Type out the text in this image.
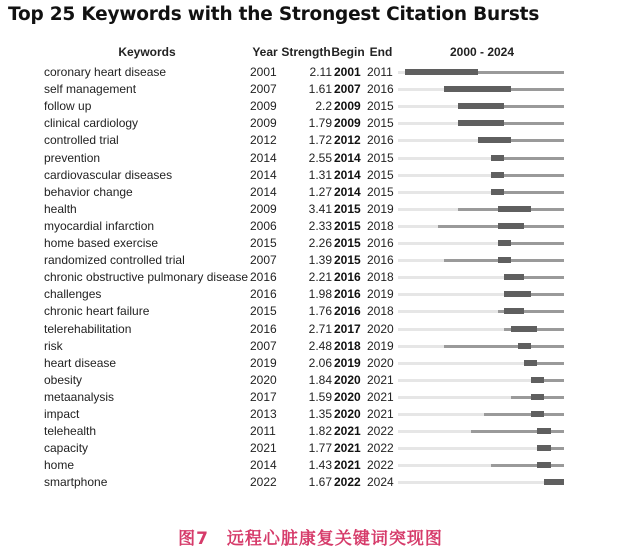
Top 25 Keywords with the Strongest Citation Bursts
Keywords	Year Strength Begin End	2000 - 2024
coronary heart disease	2001	2.11 2001 2011
self management	2007	1.61 2007 2016
follow up	2009	2.2 2009 2015
clinical cardiology	2009	1.79 2009 2015
controlled trial	2012	1.72 2012 2016
prevention	2014	2.55 2014 2015
cardiovascular diseases	2014	1.31 2014 2015
behavior change	2014	1.27 2014 2015
health	2009	3.41 2015 2019
myocardial infarction	2006	2.33 2015 2018
home based exercise	2015	2.26 2015 2016
randomized controlled trial	2007	1.39 2015 2016
chronic obstructive pulmonary disease 2016	2.21 2016 2018
challenges	2016	1.98 2016 2019
chronic heart failure	2015	1.76 2016 2018
telerehabilitation	2016	2.71 2017 2020
risk	2007	2.48 2018 2019
heart disease	2019	2.06 2019 2020
obesity	2020	1.84 2020 2021
metaanalysis	2017	1.59 2020 2021
impact	2013	1.35 2020 2021
telehealth	2011	1.82 2021 2022
capacity	2021	1.77 2021 2022
home	2014	1.43 2021 2022
smartphone	2022	1.67 2022 2024
图7　远程心脏康复关键词突现图
